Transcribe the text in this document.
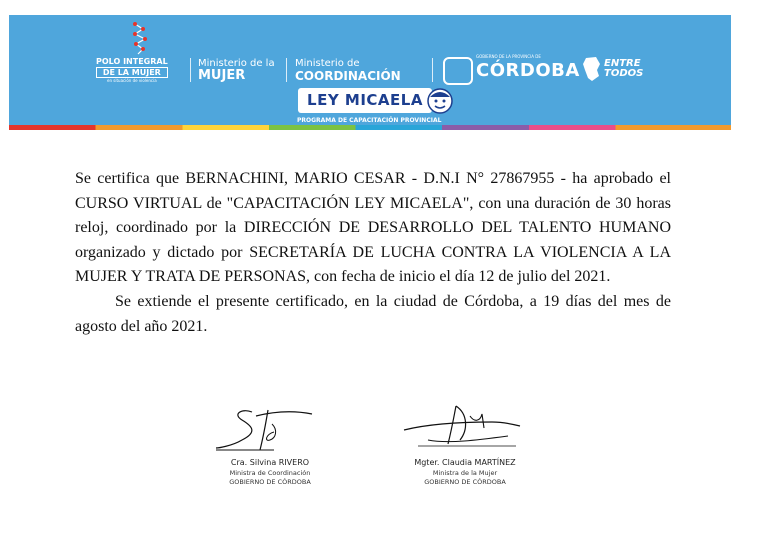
POLO INTEGRAL
DE LA MUJER
en situación de violencia
Ministerio de la
MUJER
Ministerio de
COORDINACIÓN
GOBIERNO DE LA PROVINCIA DE
CÓRDOBA ENTRE
TODOS
LEY MICAELA
PROGRAMA DE CAPACITACIÓN PROVINCIAL

Se certifica que BERNACHINI, MARIO CESAR - D.N.I N° 27867955 - ha aprobado el CURSO VIRTUAL de "CAPACITACIÓN LEY MICAELA", con una duración de 30 horas reloj, coordinado por la DIRECCIÓN DE DESARROLLO DEL TALENTO HUMANO organizado y dictado por SECRETARÍA DE LUCHA CONTRA LA VIOLENCIA A LA MUJER Y TRATA DE PERSONAS, con fecha de inicio el día 12 de julio del 2021.

Se extiende el presente certificado, en la ciudad de Córdoba, a 19 días del mes de agosto del año 2021.

Cra. Silvina RIVERO
Ministra de Coordinación
GOBIERNO DE CÓRDOBA
Mgter. Claudia MARTÍNEZ
Ministra de la Mujer
GOBIERNO DE CÓRDOBA
